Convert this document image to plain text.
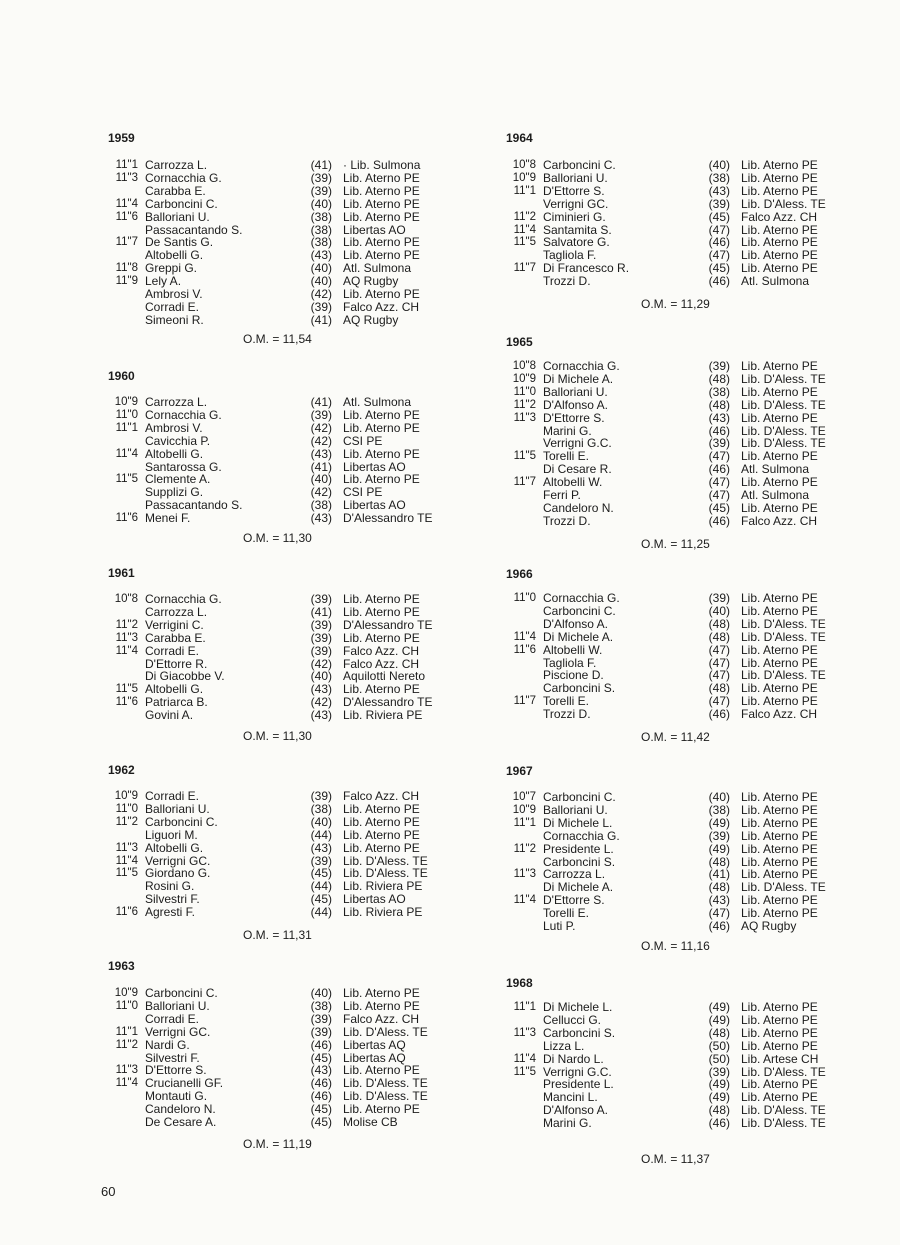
1959
11"1 Carrozza L.	(41) · Lib. Sulmona
11"3 Cornacchia G.	(39) Lib. Aterno PE
Carabba E.	(39) Lib. Aterno PE
11"4 Carboncini C.	(40) Lib. Aterno PE
11"6 Balloriani U.	(38) Lib. Aterno PE
Passacantando S.	(38) Libertas AO
11"7 De Santis G.	(38) Lib. Aterno PE
Altobelli G.	(43) Lib. Aterno PE
11"8 Greppi G.	(40) Atl. Sulmona
11"9 Lely A.	(40) AQ Rugby
Ambrosi V.	(42) Lib. Aterno PE
Corradi E.	(39) Falco Azz. CH
Simeoni R.	(41) AQ Rugby
O.M. = 11,54
1960
10"9 Carrozza L.	(41) Atl. Sulmona
11"0 Cornacchia G.	(39) Lib. Aterno PE
11"1 Ambrosi V.	(42) Lib. Aterno PE
Cavicchia P.	(42) CSI PE
11"4 Altobelli G.	(43) Lib. Aterno PE
Santarossa G.	(41) Libertas AO
11"5 Clemente A.	(40) Lib. Aterno PE
Supplizi G.	(42) CSI PE
Passacantando S.	(38) Libertas AO
11"6 Menei F.	(43) D'Alessandro TE
O.M. = 11,30
1961
10"8 Cornacchia G.	(39) Lib. Aterno PE
Carrozza L.	(41) Lib. Aterno PE
11"2 Verrigini C.	(39) D'Alessandro TE
11"3 Carabba E.	(39) Lib. Aterno PE
11"4 Corradi E.	(39) Falco Azz. CH
D'Ettorre R.	(42) Falco Azz. CH
Di Giacobbe V.	(40) Aquilotti Nereto
11"5 Altobelli G.	(43) Lib. Aterno PE
11"6 Patriarca B.	(42) D'Alessandro TE
Govini A.	(43) Lib. Riviera PE
O.M. = 11,30
1962
10"9 Corradi E.	(39) Falco Azz. CH
11"0 Balloriani U.	(38) Lib. Aterno PE
11"2 Carboncini C.	(40) Lib. Aterno PE
Liguori M.	(44) Lib. Aterno PE
11"3 Altobelli G.	(43) Lib. Aterno PE
11"4 Verrigni GC.	(39) Lib. D'Aless. TE
11"5 Giordano G.	(45) Lib. D'Aless. TE
Rosini G.	(44) Lib. Riviera PE
Silvestri F.	(45) Libertas AO
11"6 Agresti F.	(44) Lib. Riviera PE
O.M. = 11,31
1963
10"9 Carboncini C.	(40) Lib. Aterno PE
11"0 Balloriani U.	(38) Lib. Aterno PE
Corradi E.	(39) Falco Azz. CH
11"1 Verrigni GC.	(39) Lib. D'Aless. TE
11"2 Nardi G.	(46) Libertas AQ
Silvestri F.	(45) Libertas AQ
11"3 D'Ettorre S.	(43) Lib. Aterno PE
11"4 Crucianelli GF.	(46) Lib. D'Aless. TE
Montauti G.	(46) Lib. D'Aless. TE
Candeloro N.	(45) Lib. Aterno PE
De Cesare A.	(45) Molise CB
O.M. = 11,19
1964
10"8 Carboncini C.	(40) Lib. Aterno PE
10"9 Balloriani U.	(38) Lib. Aterno PE
11"1 D'Ettorre S.	(43) Lib. Aterno PE
Verrigni GC.	(39) Lib. D'Aless. TE
11"2 Ciminieri G.	(45) Falco Azz. CH
11"4 Santamita S.	(47) Lib. Aterno PE
11"5 Salvatore G.	(46) Lib. Aterno PE
Tagliola F.	(47) Lib. Aterno PE
11"7 Di Francesco R.	(45) Lib. Aterno PE
Trozzi D.	(46) Atl. Sulmona
O.M. = 11,29
1965
10"8 Cornacchia G.	(39) Lib. Aterno PE
10"9 Di Michele A.	(48) Lib. D'Aless. TE
11"0 Balloriani U.	(38) Lib. Aterno PE
11"2 D'Alfonso A.	(48) Lib. D'Aless. TE
11"3 D'Ettorre S.	(43) Lib. Aterno PE
Marini G.	(46) Lib. D'Aless. TE
Verrigni G.C.	(39) Lib. D'Aless. TE
11"5 Torelli E.	(47) Lib. Aterno PE
Di Cesare R.	(46) Atl. Sulmona
11"7 Altobelli W.	(47) Lib. Aterno PE
Ferri P.	(47) Atl. Sulmona
Candeloro N.	(45) Lib. Aterno PE
Trozzi D.	(46) Falco Azz. CH
O.M. = 11,25
1966
11"0 Cornacchia G.	(39) Lib. Aterno PE
Carboncini C.	(40) Lib. Aterno PE
D'Alfonso A.	(48) Lib. D'Aless. TE
11"4 Di Michele A.	(48) Lib. D'Aless. TE
11"6 Altobelli W.	(47) Lib. Aterno PE
Tagliola F.	(47) Lib. Aterno PE
Piscione D.	(47) Lib. D'Aless. TE
Carboncini S.	(48) Lib. Aterno PE
11"7 Torelli E.	(47) Lib. Aterno PE
Trozzi D.	(46) Falco Azz. CH
O.M. = 11,42
1967
10"7 Carboncini C.	(40) Lib. Aterno PE
10"9 Balloriani U.	(38) Lib. Aterno PE
11"1 Di Michele L.	(49) Lib. Aterno PE
Cornacchia G.	(39) Lib. Aterno PE
11"2 Presidente L.	(49) Lib. Aterno PE
Carboncini S.	(48) Lib. Aterno PE
11"3 Carrozza L.	(41) Lib. Aterno PE
Di Michele A.	(48) Lib. D'Aless. TE
11"4 D'Ettorre S.	(43) Lib. Aterno PE
Torelli E.	(47) Lib. Aterno PE
Luti P.	(46) AQ Rugby
O.M. = 11,16
1968
11"1 Di Michele L.	(49) Lib. Aterno PE
Cellucci G.	(49) Lib. Aterno PE
11"3 Carboncini S.	(48) Lib. Aterno PE
Lizza L.	(50) Lib. Aterno PE
11"4 Di Nardo L.	(50) Lib. Artese CH
11"5 Verrigni G.C.	(39) Lib. D'Aless. TE
Presidente L.	(49) Lib. Aterno PE
Mancini L.	(49) Lib. Aterno PE
D'Alfonso A.	(48) Lib. D'Aless. TE
Marini G.	(46) Lib. D'Aless. TE
O.M. = 11,37
60
